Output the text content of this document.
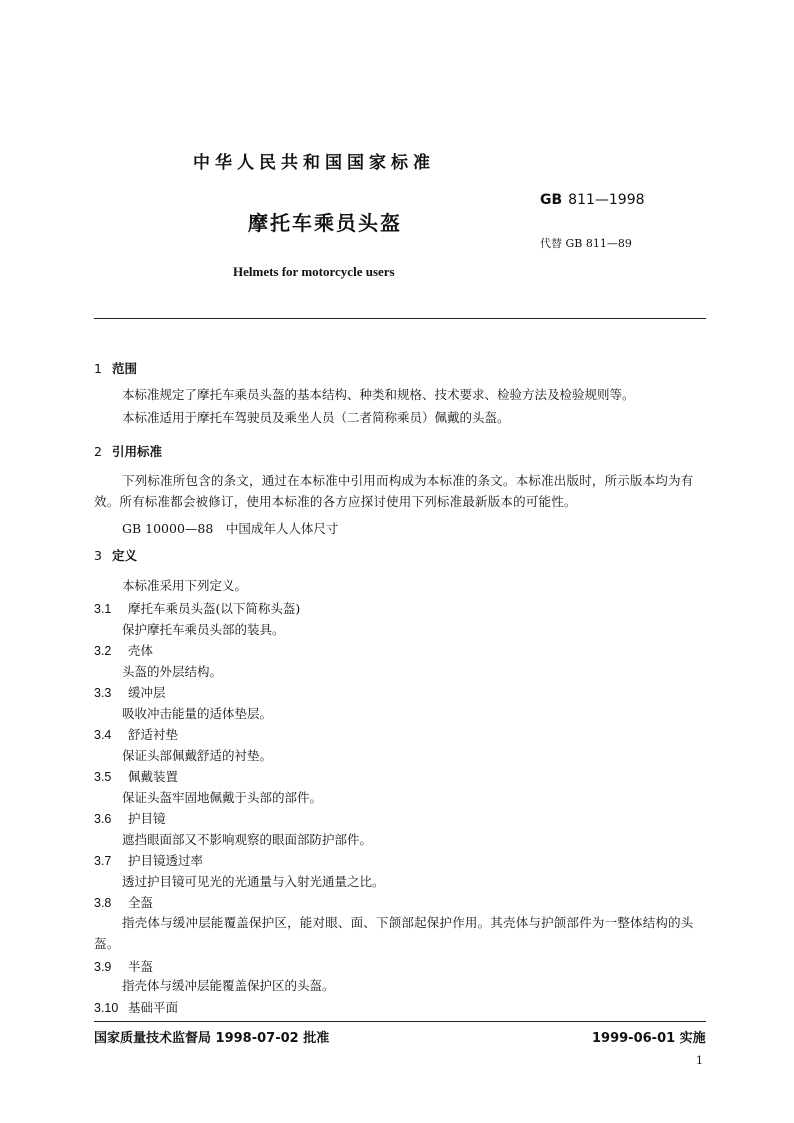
中华人民共和国国家标准
GB 811—1998
摩托车乘员头盔
代替 GB 811—89
Helmets for motorcycle users
1 范围
本标准规定了摩托车乘员头盔的基本结构、种类和规格、技术要求、检验方法及检验规则等。
本标准适用于摩托车驾驶员及乘坐人员（二者简称乘员）佩戴的头盔。
2 引用标准
下列标准所包含的条文，通过在本标准中引用而构成为本标准的条文。本标准出版时，所示版本均为有效。所有标准都会被修订，使用本标准的各方应探讨使用下列标准最新版本的可能性。
GB 10000—88　中国成年人人体尺寸
3 定义
本标准采用下列定义。
3.1 摩托车乘员头盔(以下简称头盔)
保护摩托车乘员头部的装具。
3.2 壳体
头盔的外层结构。
3.3 缓冲层
吸收冲击能量的适体垫层。
3.4 舒适衬垫
保证头部佩戴舒适的衬垫。
3.5 佩戴装置
保证头盔牢固地佩戴于头部的部件。
3.6 护目镜
遮挡眼面部又不影响观察的眼面部防护部件。
3.7 护目镜透过率
透过护目镜可见光的光通量与入射光通量之比。
3.8 全盔
指壳体与缓冲层能覆盖保护区，能对眼、面、下颌部起保护作用。其壳体与护颌部件为一整体结构的头盔。
3.9 半盔
指壳体与缓冲层能覆盖保护区的头盔。
3.10 基础平面
国家质量技术监督局 1998-07-02 批准	1999-06-01 实施
1
